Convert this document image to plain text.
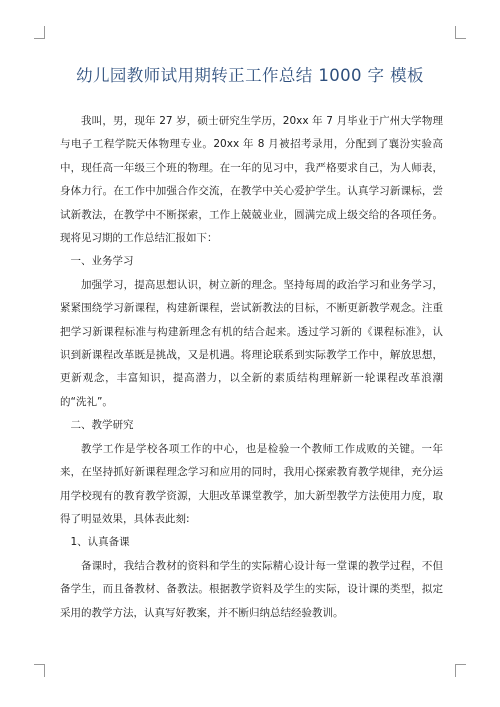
幼儿园教师试用期转正工作总结 1000 字 模板

我叫，男，现年 27 岁，硕士研究生学历，20xx 年 7 月毕业于广州大学物理与电子工程学院天体物理专业。20xx 年 8 月被招考录用，分配到了襄汾实验高中，现任高一年级三个班的物理。在一年的见习中，我严格要求自己，为人师表，身体力行。在工作中加强合作交流，在教学中关心爱护学生。认真学习新课标，尝试新教法，在教学中不断探索，工作上兢兢业业，圆满完成上级交给的各项任务。现将见习期的工作总结汇报如下：

一、业务学习

加强学习，提高思想认识，树立新的理念。坚持每周的政治学习和业务学习，紧紧围绕学习新课程，构建新课程，尝试新教法的目标，不断更新教学观念。注重把学习新课程标准与构建新理念有机的结合起来。透过学习新的《课程标准》，认识到新课程改革既是挑战，又是机遇。将理论联系到实际教学工作中，解放思想，更新观念，丰富知识，提高潜力，以全新的素质结构理解新一轮课程改革浪潮的“洗礼”。

二、教学研究

教学工作是学校各项工作的中心，也是检验一个教师工作成败的关键。一年来，在坚持抓好新课程理念学习和应用的同时，我用心探索教育教学规律，充分运用学校现有的教育教学资源，大胆改革课堂教学，加大新型教学方法使用力度，取得了明显效果，具体表此刻:

1、认真备课

备课时，我结合教材的资料和学生的实际精心设计每一堂课的教学过程，不但备学生，而且备教材、备教法。根据教学资料及学生的实际，设计课的类型，拟定采用的教学方法，认真写好教案，并不断归纳总结经验教训。
